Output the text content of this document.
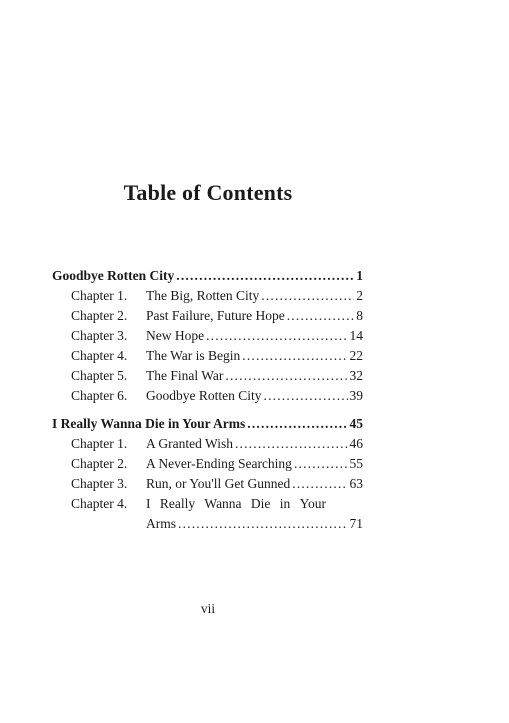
Table of Contents
Goodbye Rotten City .....	1
Chapter 1.	The Big, Rotten City .....	2
Chapter 2.	Past Failure, Future Hope .....	8
Chapter 3.	New Hope .....	14
Chapter 4.	The War is Begin .....	22
Chapter 5.	The Final War .....	32
Chapter 6.	Goodbye Rotten City .....	39
I Really Wanna Die in Your Arms .....	45
Chapter 1.	A Granted Wish .....	46
Chapter 2.	A Never-Ending Searching .....	55
Chapter 3.	Run, or You'll Get Gunned .....	63
Chapter 4.	I Really Wanna Die in Your
Arms .....	71
vii
